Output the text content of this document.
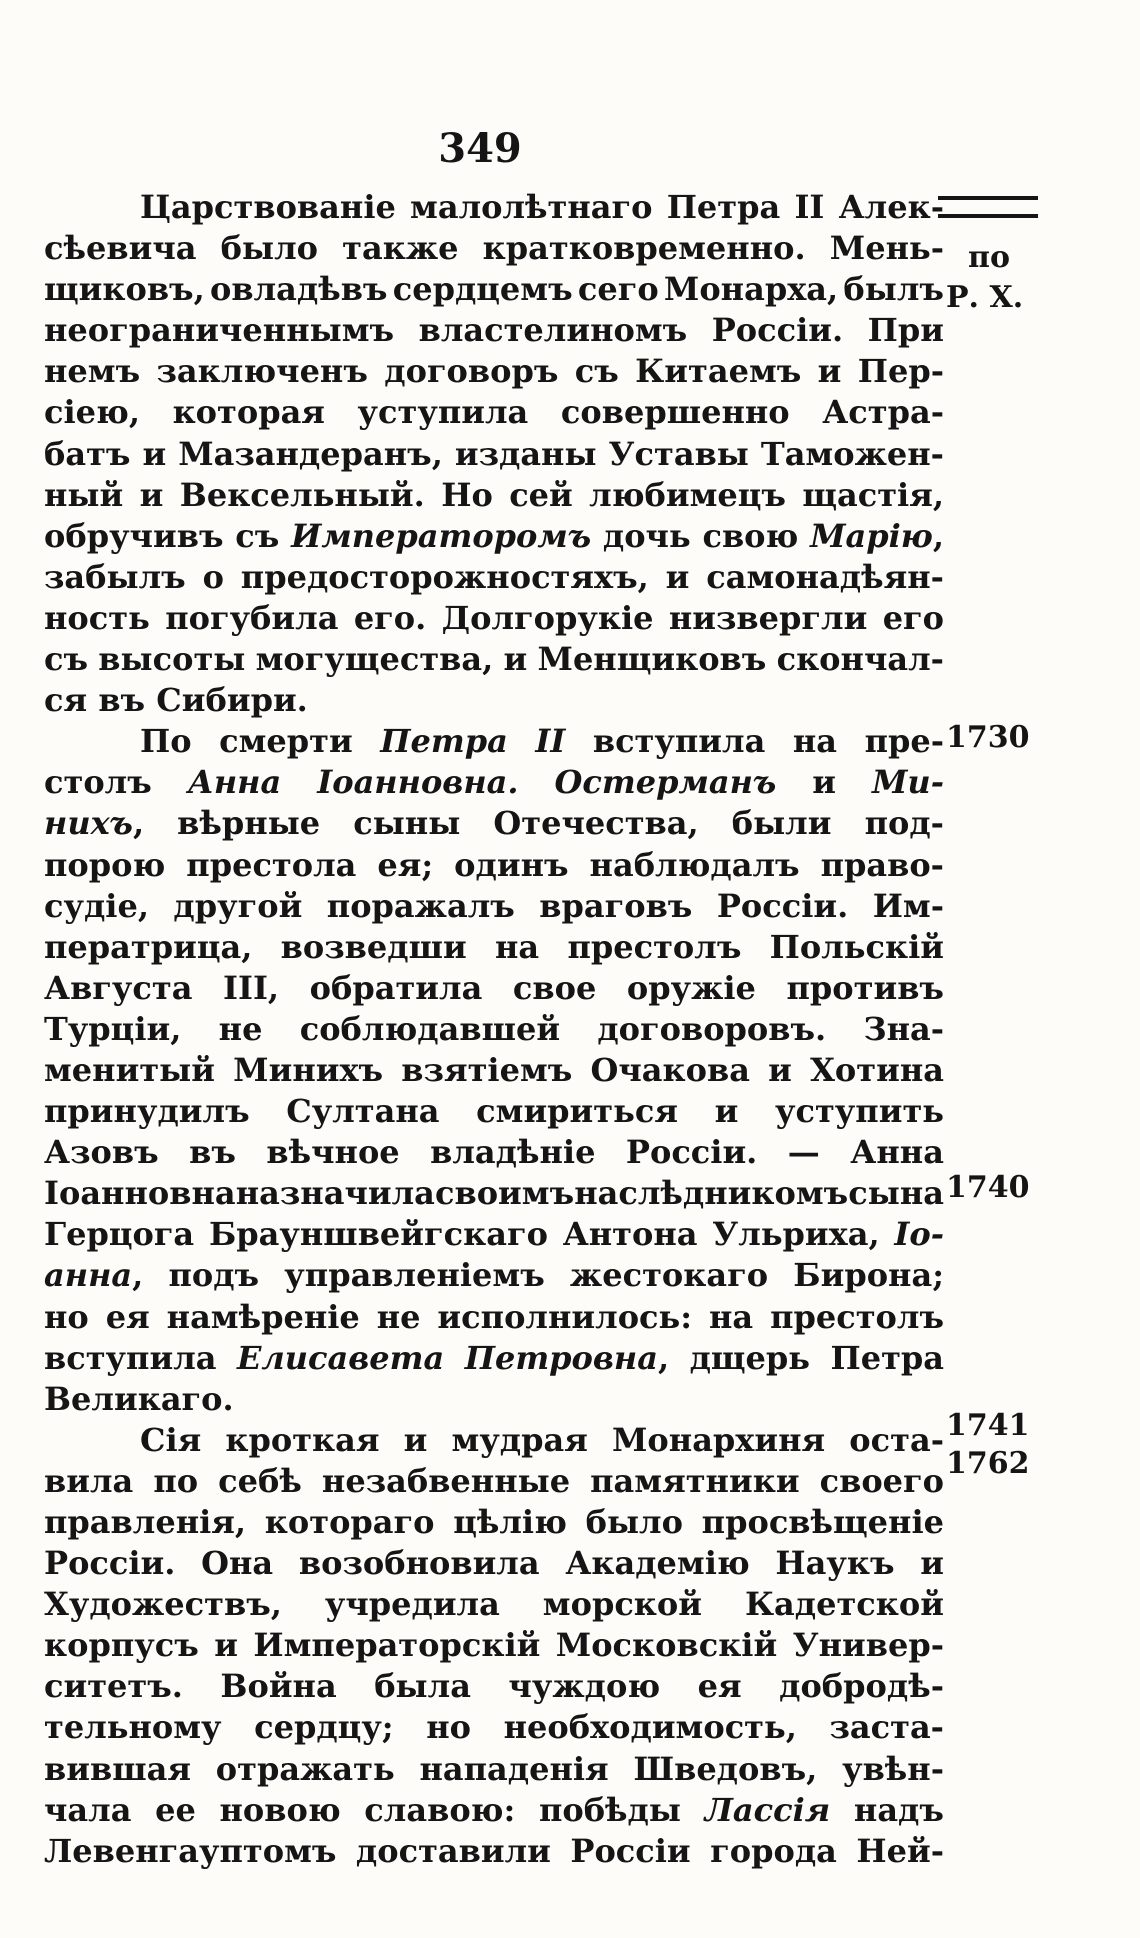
349
по
Р. Х.
1730
1740
1741
1762
Царствованіе малолѣтнаго Петра II Алек-
сѣевича было также кратковременно. Мень-
щиковъ, овладѣвъ сердцемъ сего Монарха, былъ
неограниченнымъ властелиномъ Россіи. При
немъ заключенъ договоръ съ Китаемъ и Пер-
сіею, которая уступила совершенно Астра-
батъ и Мазандеранъ, изданы Уставы Таможен-
ный и Вексельный. Но сей любимецъ щастія,
обручивъ съ Императоромъ дочь свою Марію,
забылъ о предосторожностяхъ, и самонадѣян-
ность погубила его. Долгорукіе низвергли его
съ высоты могущества, и Менщиковъ скончал-
ся въ Сибири.
По смерти Петра II вступила на пре-
столъ Анна Іоанновна. Остерманъ и Ми-
нихъ, вѣрные сыны Отечества, были под-
порою престола ея; одинъ наблюдалъ право-
судіе, другой поражалъ враговъ Россіи. Им-
ператрица, возведши на престолъ Польскій
Августа III, обратила свое оружіе противъ
Турціи, не соблюдавшей договоровъ. Зна-
менитый Минихъ взятіемъ Очакова и Хотина
принудилъ Султана смириться и уступить
Азовъ въ вѣчное владѣніе Россіи. — Анна
Іоанновна назначила своимъ наслѣдникомъ сына
Герцога Брауншвейгскаго Антона Ульриха, Іо-
анна, подъ управленіемъ жестокаго Бирона;
но ея намѣреніе не исполнилось: на престолъ
вступила Елисавета Петровна, дщерь Петра
Великаго.
Сія кроткая и мудрая Монархиня оста-
вила по себѣ незабвенные памятники своего
правленія, котораго цѣлію было просвѣщеніе
Россіи. Она возобновила Академію Наукъ и
Художествъ, учредила морской Кадетской
корпусъ и Императорскій Московскій Универ-
ситетъ. Война была чуждою ея добродѣ-
тельному сердцу; но необходимость, застa-
вившая отражать нападенія Шведовъ, увѣн-
чала ее новою славою: побѣды Лассія надъ
Левенгауптомъ доставили Россіи города Ней-
